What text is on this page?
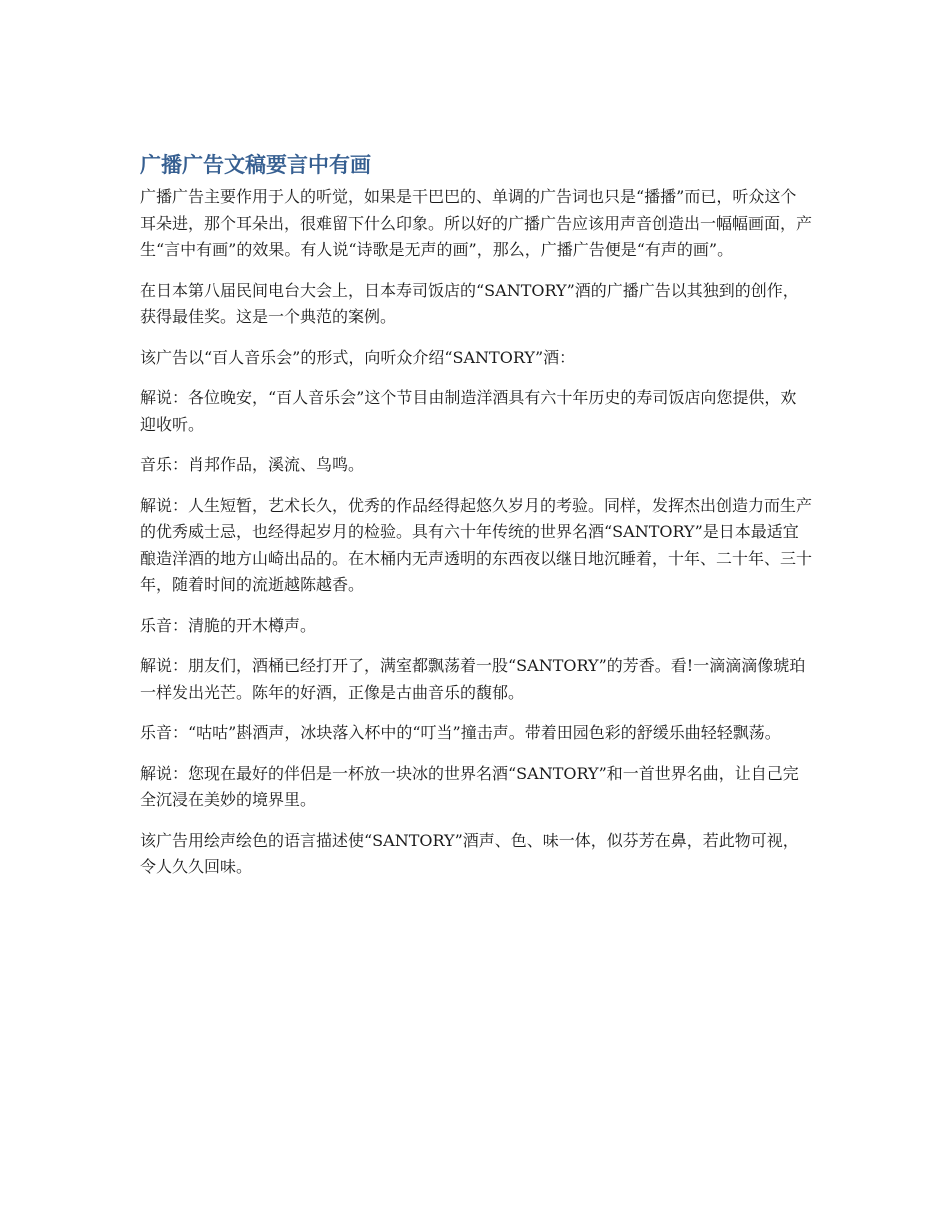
广播广告文稿要言中有画

广播广告主要作用于人的听觉，如果是干巴巴的、单调的广告词也只是“播播”而已，听众这个耳朵进，那个耳朵出，很难留下什么印象。所以好的广播广告应该用声音创造出一幅幅画面，产生“言中有画”的效果。有人说“诗歌是无声的画”，那么，广播广告便是“有声的画”。

在日本第八届民间电台大会上，日本寿司饭店的“SANTORY”酒的广播广告以其独到的创作，获得最佳奖。这是一个典范的案例。

该广告以“百人音乐会”的形式，向听众介绍“SANTORY”酒：

解说：各位晚安，“百人音乐会”这个节目由制造洋酒具有六十年历史的寿司饭店向您提供，欢迎收听。

音乐：肖邦作品，溪流、鸟鸣。

解说：人生短暂，艺术长久，优秀的作品经得起悠久岁月的考验。同样，发挥杰出创造力而生产的优秀威士忌，也经得起岁月的检验。具有六十年传统的世界名酒“SANTORY”是日本最适宜酿造洋酒的地方山崎出品的。在木桶内无声透明的东西夜以继日地沉睡着，十年、二十年、三十年，随着时间的流逝越陈越香。

乐音：清脆的开木樽声。

解说：朋友们，酒桶已经打开了，满室都飘荡着一股“SANTORY”的芳香。看!一滴滴滴像琥珀一样发出光芒。陈年的好酒，正像是古曲音乐的馥郁。

乐音：“咕咕”斟酒声，冰块落入杯中的“叮当”撞击声。带着田园色彩的舒缓乐曲轻轻飘荡。

解说：您现在最好的伴侣是一杯放一块冰的世界名酒“SANTORY”和一首世界名曲，让自己完全沉浸在美妙的境界里。

该广告用绘声绘色的语言描述使“SANTORY”酒声、色、味一体，似芬芳在鼻，若此物可视，令人久久回味。
